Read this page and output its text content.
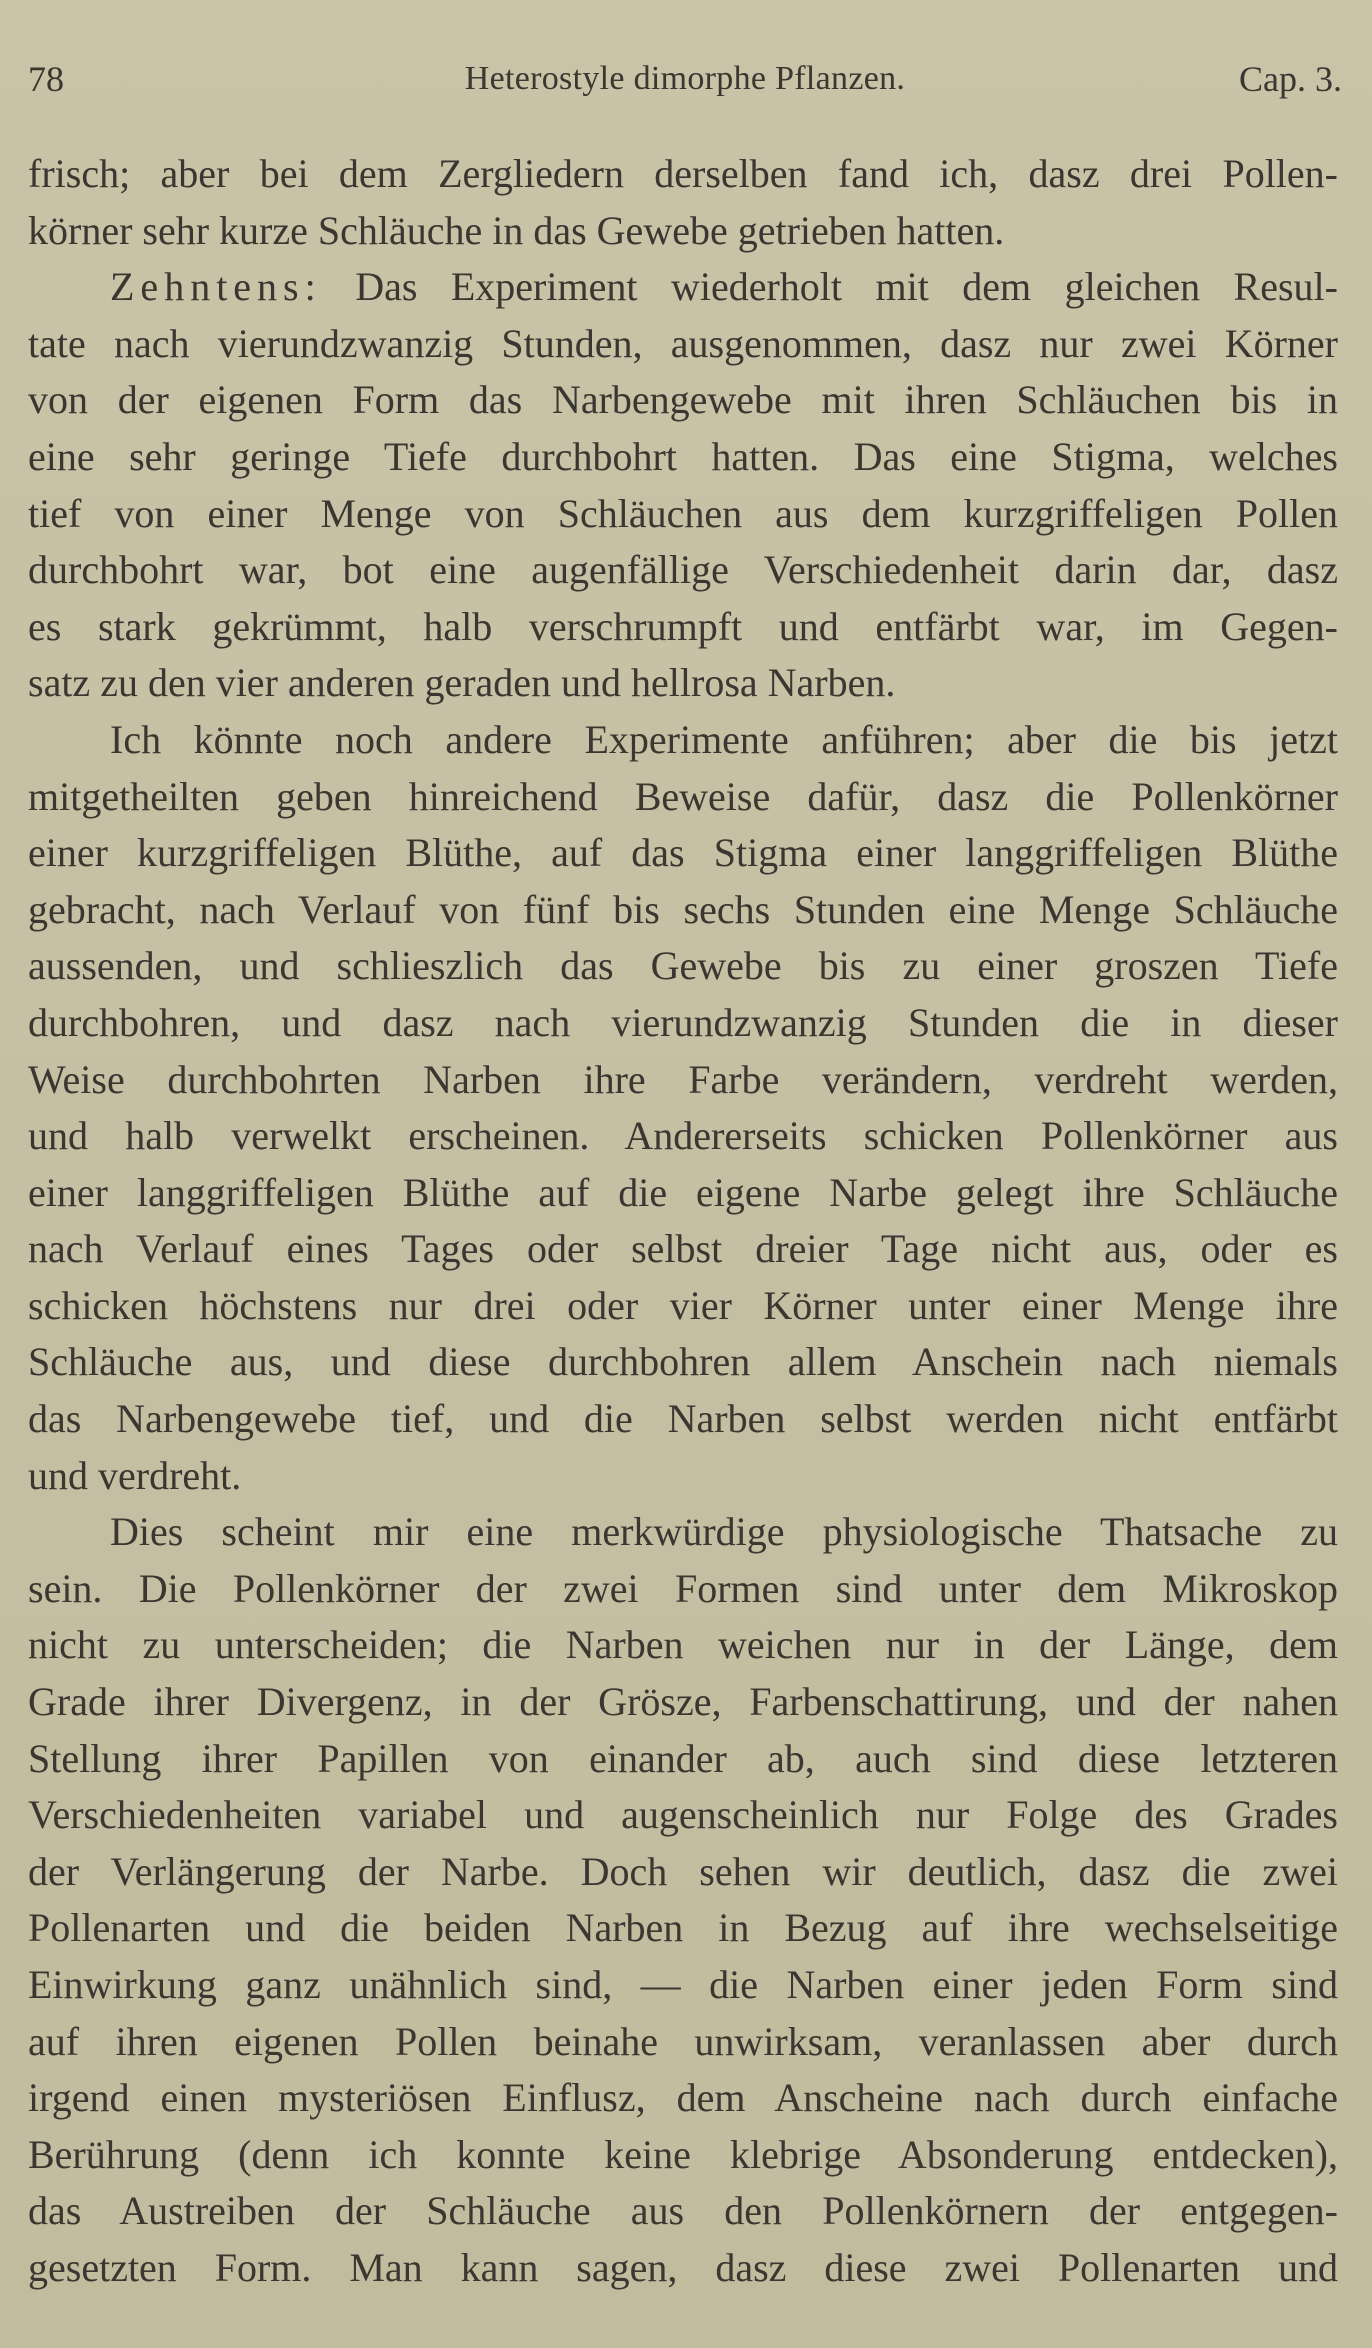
78	Heterostyle dimorphe Pflanzen.	Cap. 3.
frisch; aber bei dem Zergliedern derselben fand ich, dasz drei Pollen-
körner sehr kurze Schläuche in das Gewebe getrieben hatten.
Zehntens: Das Experiment wiederholt mit dem gleichen Resul-
tate nach vierundzwanzig Stunden, ausgenommen, dasz nur zwei Körner
von der eigenen Form das Narbengewebe mit ihren Schläuchen bis in
eine sehr geringe Tiefe durchbohrt hatten. Das eine Stigma, welches
tief von einer Menge von Schläuchen aus dem kurzgriffeligen Pollen
durchbohrt war, bot eine augenfällige Verschiedenheit darin dar, dasz
es stark gekrümmt, halb verschrumpft und entfärbt war, im Gegen-
satz zu den vier anderen geraden und hellrosa Narben.
Ich könnte noch andere Experimente anführen; aber die bis jetzt
mitgetheilten geben hinreichend Beweise dafür, dasz die Pollenkörner
einer kurzgriffeligen Blüthe, auf das Stigma einer langgriffeligen Blüthe
gebracht, nach Verlauf von fünf bis sechs Stunden eine Menge Schläuche
aussenden, und schlieszlich das Gewebe bis zu einer groszen Tiefe
durchbohren, und dasz nach vierundzwanzig Stunden die in dieser
Weise durchbohrten Narben ihre Farbe verändern, verdreht werden,
und halb verwelkt erscheinen. Andererseits schicken Pollenkörner aus
einer langgriffeligen Blüthe auf die eigene Narbe gelegt ihre Schläuche
nach Verlauf eines Tages oder selbst dreier Tage nicht aus, oder es
schicken höchstens nur drei oder vier Körner unter einer Menge ihre
Schläuche aus, und diese durchbohren allem Anschein nach niemals
das Narbengewebe tief, und die Narben selbst werden nicht entfärbt
und verdreht.
Dies scheint mir eine merkwürdige physiologische Thatsache zu
sein. Die Pollenkörner der zwei Formen sind unter dem Mikroskop
nicht zu unterscheiden; die Narben weichen nur in der Länge, dem
Grade ihrer Divergenz, in der Grösze, Farbenschattirung, und der nahen
Stellung ihrer Papillen von einander ab, auch sind diese letzteren
Verschiedenheiten variabel und augenscheinlich nur Folge des Grades
der Verlängerung der Narbe. Doch sehen wir deutlich, dasz die zwei
Pollenarten und die beiden Narben in Bezug auf ihre wechselseitige
Einwirkung ganz unähnlich sind, — die Narben einer jeden Form sind
auf ihren eigenen Pollen beinahe unwirksam, veranlassen aber durch
irgend einen mysteriösen Einflusz, dem Anscheine nach durch einfache
Berührung (denn ich konnte keine klebrige Absonderung entdecken),
das Austreiben der Schläuche aus den Pollenkörnern der entgegen-
gesetzten Form. Man kann sagen, dasz diese zwei Pollenarten und
